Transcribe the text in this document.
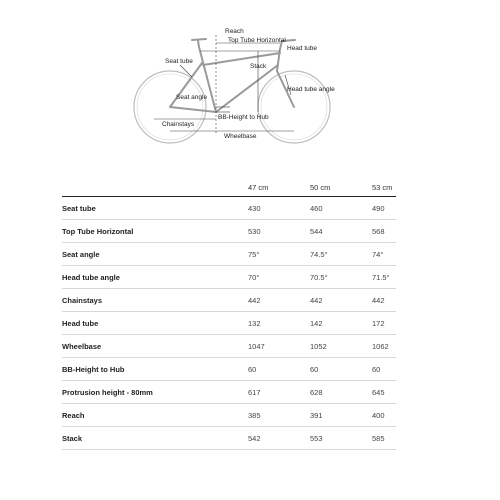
Reach
Top Tube Horizontal
Head tube
Seat tube
Stack
Head tube angle
Seat angle
Chainstays
BB-Height to Hub
Wheelbase
	47 cm	50 cm	53 cm
Seat tube	430	460	490
Top Tube Horizontal	530	544	568
Seat angle	75°	74.5°	74°
Head tube angle	70°	70.5°	71.5°
Chainstays	442	442	442
Head tube	132	142	172
Wheelbase	1047	1052	1062
BB-Height to Hub	60	60	60
Protrusion height - 80mm	617	628	645
Reach	385	391	400
Stack	542	553	585
